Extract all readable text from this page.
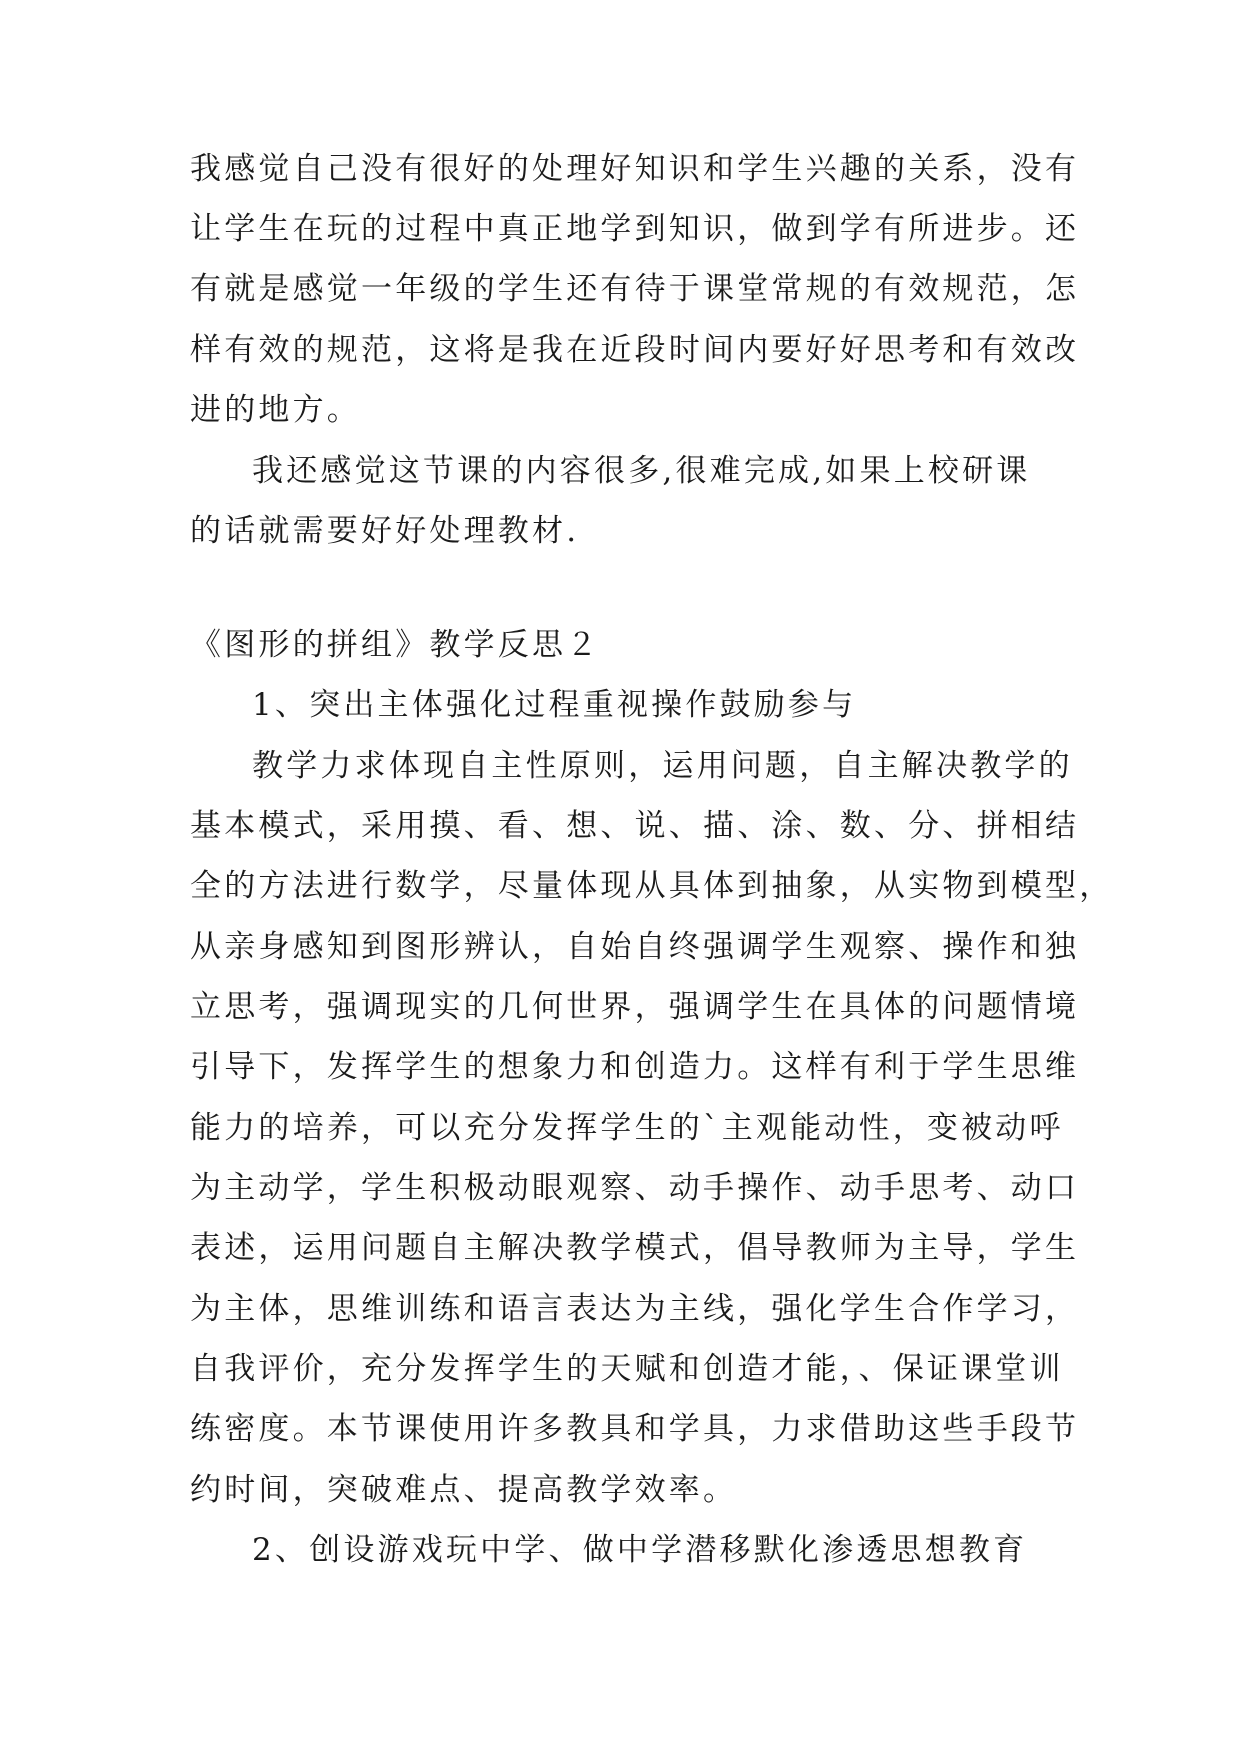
我感觉自己没有很好的处理好知识和学生兴趣的关系，没有
让学生在玩的过程中真正地学到知识，做到学有所进步。还
有就是感觉一年级的学生还有待于课堂常规的有效规范，怎
样有效的规范，这将是我在近段时间内要好好思考和有效改
进的地方。
我还感觉这节课的内容很多,很难完成,如果上校研课
的话就需要好好处理教材.
《图形的拼组》教学反思２
1、突出主体强化过程重视操作鼓励参与
教学力求体现自主性原则，运用问题，自主解决教学的
基本模式，采用摸、看、想、说、描、涂、数、分、拼相结
全的方法进行数学，尽量体现从具体到抽象，从实物到模型，
从亲身感知到图形辨认，自始自终强调学生观察、操作和独
立思考，强调现实的几何世界，强调学生在具体的问题情境
引导下，发挥学生的想象力和创造力。这样有利于学生思维
能力的培养，可以充分发挥学生的`主观能动性，变被动呼
为主动学，学生积极动眼观察、动手操作、动手思考、动口
表述，运用问题自主解决教学模式，倡导教师为主导，学生
为主体，思维训练和语言表达为主线，强化学生合作学习，
自我评价，充分发挥学生的天赋和创造才能，、保证课堂训
练密度。本节课使用许多教具和学具，力求借助这些手段节
约时间，突破难点、提高教学效率。
2、创设游戏玩中学、做中学潜移默化渗透思想教育
